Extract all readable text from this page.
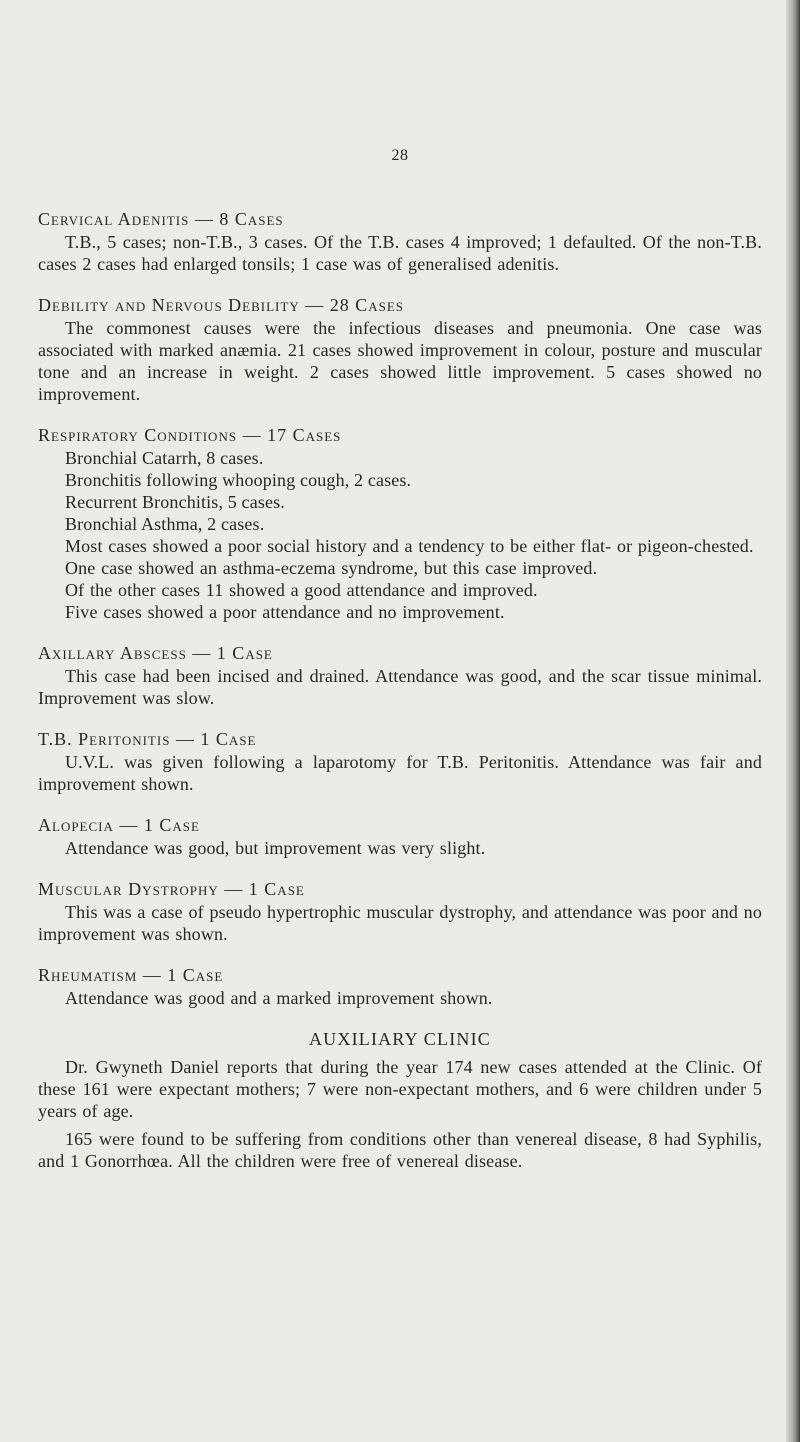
28
Cervical Adenitis — 8 Cases

T.B., 5 cases; non-T.B., 3 cases. Of the T.B. cases 4 improved; 1 defaulted. Of the non-T.B. cases 2 cases had enlarged tonsils; 1 case was of generalised adenitis.

Debility and Nervous Debility — 28 Cases

The commonest causes were the infectious diseases and pneumonia. One case was associated with marked anæmia. 21 cases showed improvement in colour, posture and muscular tone and an increase in weight. 2 cases showed little improvement. 5 cases showed no improvement.

Respiratory Conditions — 17 Cases

Bronchial Catarrh, 8 cases.

Bronchitis following whooping cough, 2 cases.

Recurrent Bronchitis, 5 cases.

Bronchial Asthma, 2 cases.

Most cases showed a poor social history and a tendency to be either flat- or pigeon-chested.

One case showed an asthma-eczema syndrome, but this case improved.

Of the other cases 11 showed a good attendance and improved.

Five cases showed a poor attendance and no improvement.

Axillary Abscess — 1 Case

This case had been incised and drained. Attendance was good, and the scar tissue minimal. Improvement was slow.

T.B. Peritonitis — 1 Case

U.V.L. was given following a laparotomy for T.B. Peritonitis. Attendance was fair and improvement shown.

Alopecia — 1 Case

Attendance was good, but improvement was very slight.

Muscular Dystrophy — 1 Case

This was a case of pseudo hypertrophic muscular dystrophy, and attendance was poor and no improvement was shown.

Rheumatism — 1 Case

Attendance was good and a marked improvement shown.

AUXILIARY CLINIC

Dr. Gwyneth Daniel reports that during the year 174 new cases attended at the Clinic. Of these 161 were expectant mothers; 7 were non-expectant mothers, and 6 were children under 5 years of age.

165 were found to be suffering from conditions other than venereal disease, 8 had Syphilis, and 1 Gonorrhœa. All the children were free of venereal disease.
